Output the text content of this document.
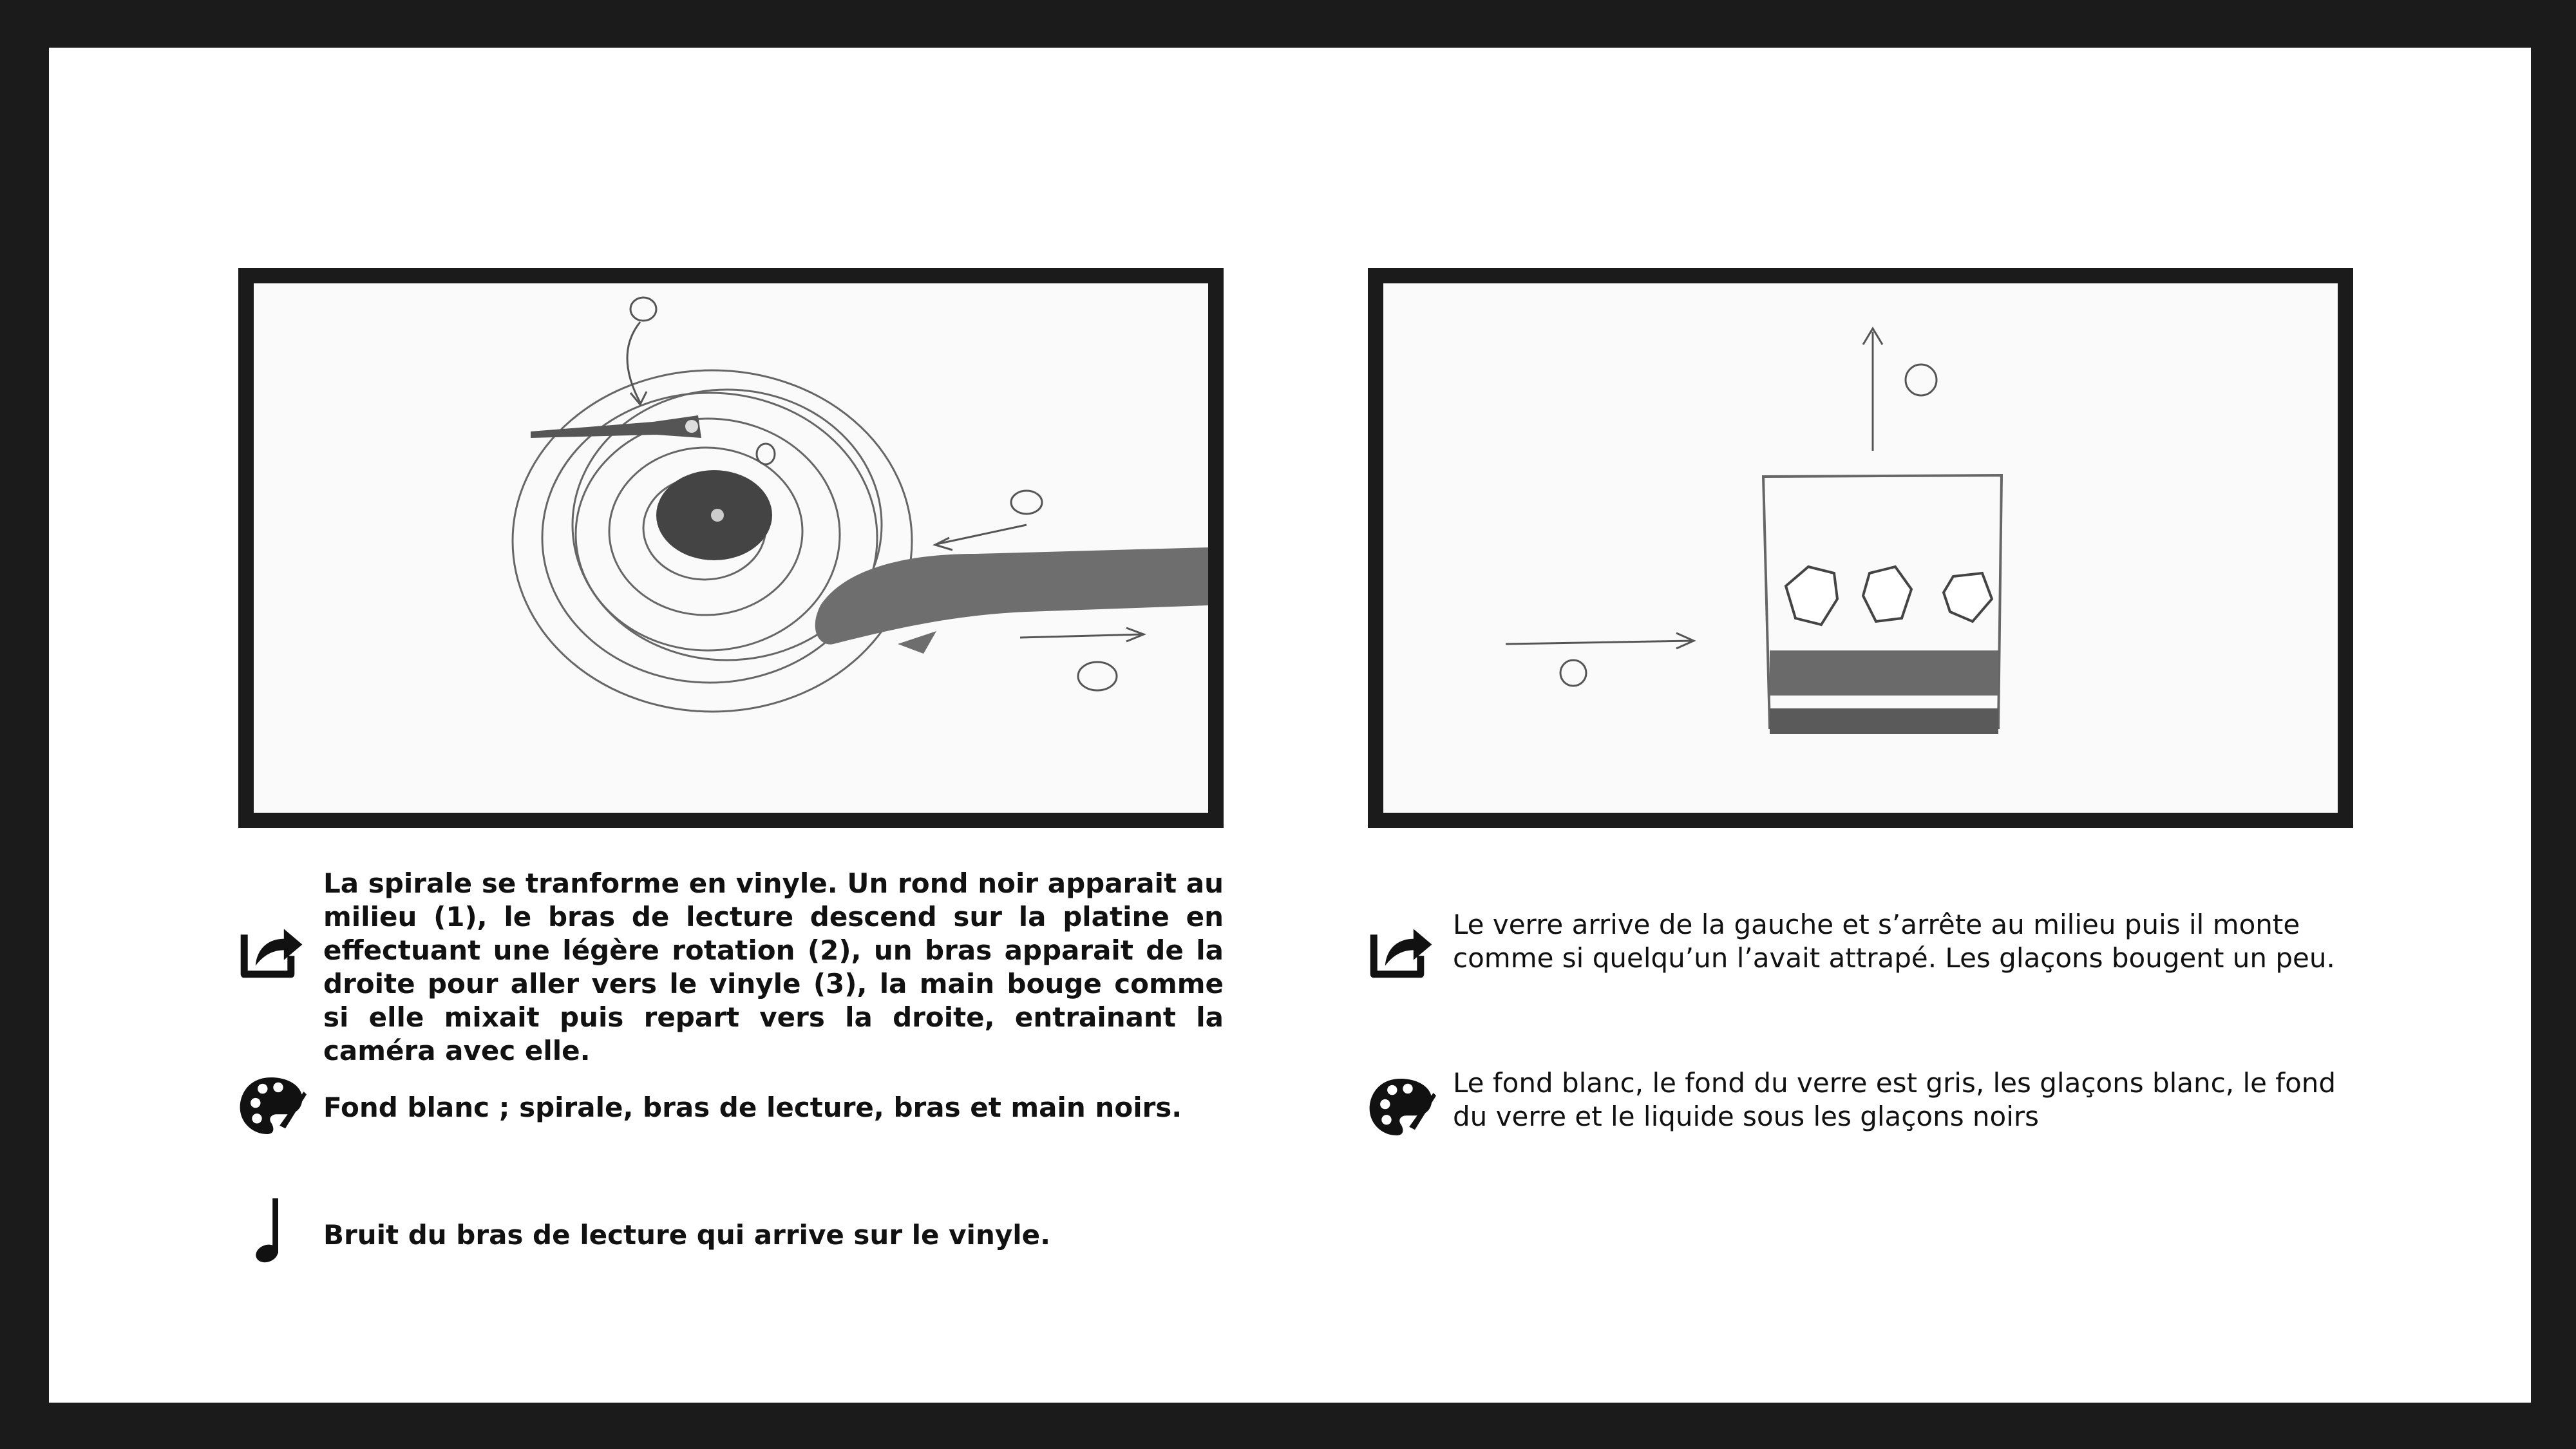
La spirale se tranforme en vinyle. Un rond noir apparait au milieu (1), le bras de lecture descend sur la platine en effectuant une légère rotation (2), un bras apparait de la droite pour aller vers le vinyle (3), la main bouge comme si elle mixait puis repart vers la droite, entrainant la caméra avec elle.
Fond blanc ; spirale, bras de lecture, bras et main noirs.
Bruit du bras de lecture qui arrive sur le vinyle.
Le verre arrive de la gauche et s’arrête au milieu puis il monte comme si quelqu’un l’avait attrapé. Les glaçons bougent un peu.
Le fond blanc, le fond du verre est gris, les glaçons blanc, le fond du verre et le liquide sous les glaçons noirs
